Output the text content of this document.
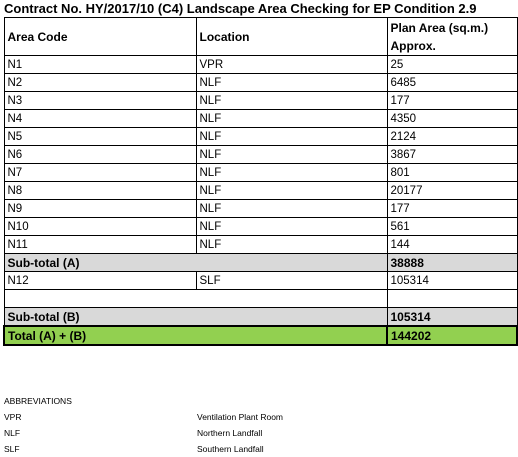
Contract No. HY/2017/10 (C4) Landscape Area Checking for EP Condition 2.9
Area Code	Location	Plan Area (sq.m.)
Approx.

N1	VPR	25
N2	NLF	6485
N3	NLF	177
N4	NLF	4350
N5	NLF	2124
N6	NLF	3867
N7	NLF	801
N8	NLF	20177
N9	NLF	177
N10	NLF	561
N11	NLF	144
Sub-total (A)		38888
N12	SLF	105314

Sub-total (B)		105314
Total (A) + (B)		144202
ABBREVIATIONS
VPR	Ventilation Plant Room
NLF	Northern Landfall
SLF	Southern Landfall
